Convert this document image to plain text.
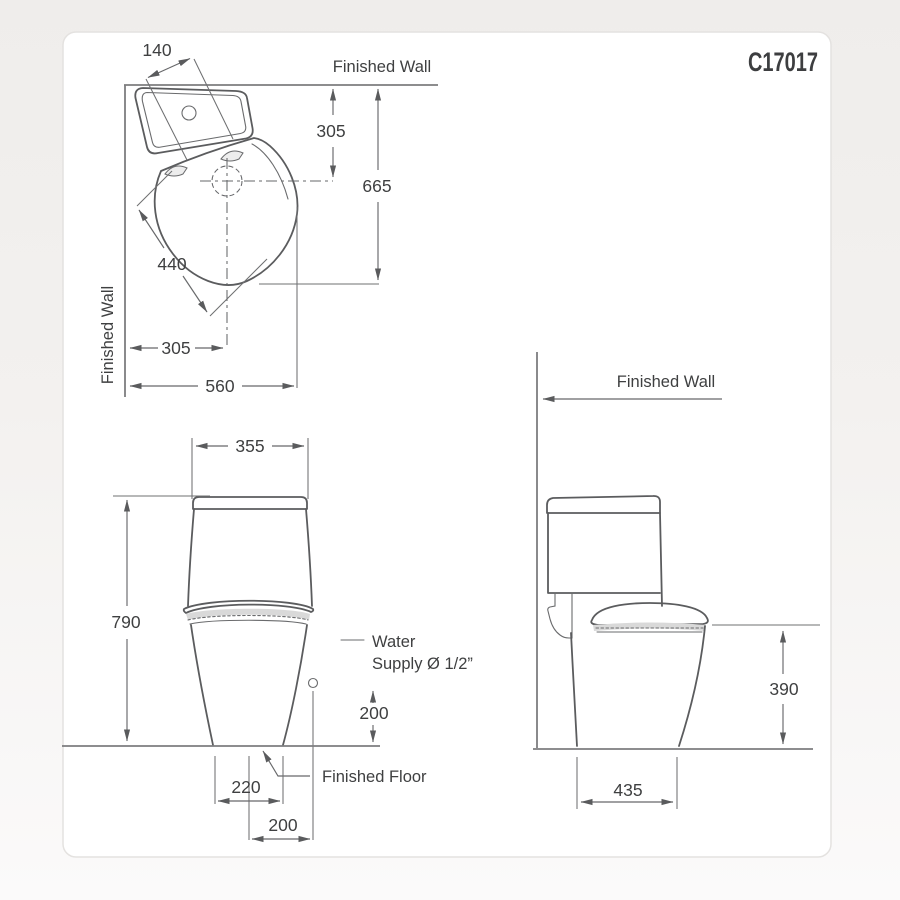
140
Finished Wall
Finished Wall
305
665
440
305
560
C17017
355
790
Water
Supply Ø 1/2”
200
Finished Floor
220
200
Finished Wall
390
435
